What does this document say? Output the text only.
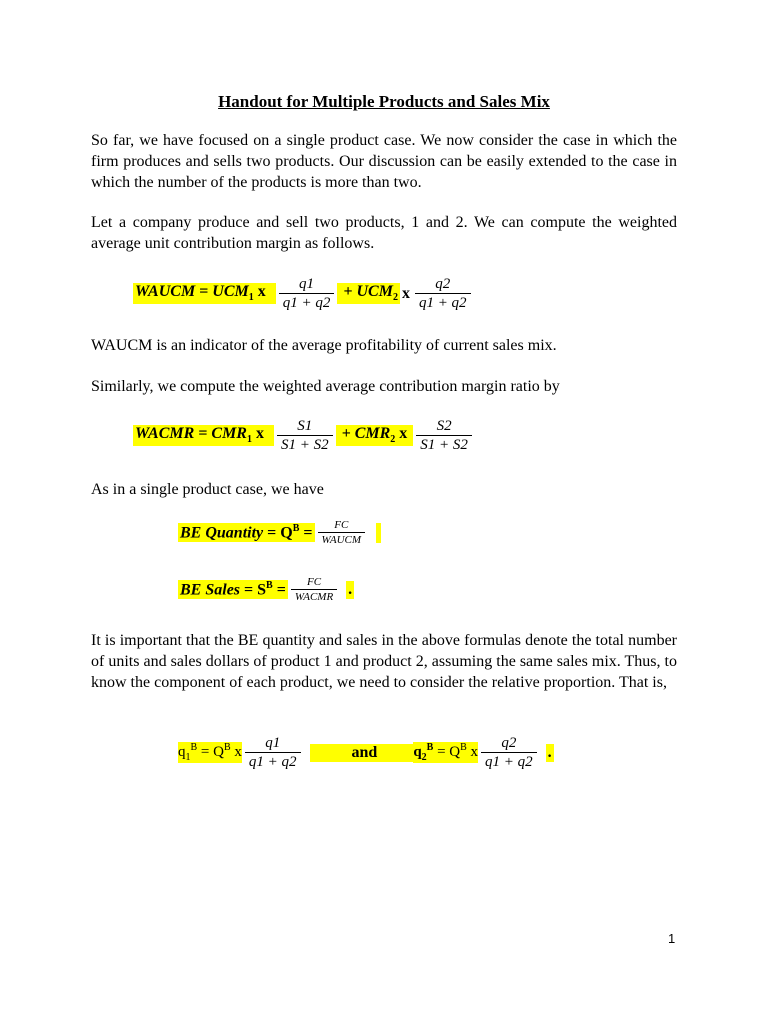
Handout for Multiple Products and Sales Mix
So far, we have focused on a single product case. We now consider the case in which the firm produces and sells two products. Our discussion can be easily extended to the case in which the number of the products is more than two.
Let a company produce and sell two products, 1 and 2. We can compute the weighted average unit contribution margin as follows.
WAUCM = $UCM_1$ x $\frac{q1}{q1 + q2} + UCM_2$ x $\frac{q2}{q1 + q2}$
WAUCM is an indicator of the average profitability of current sales mix.
Similarly, we compute the weighted average contribution margin ratio by
WACMR = $CMR_1$ x $\frac{S1}{S1 + S2} + CMR_2$ x $\frac{S2}{S1 + S2}$
As in a single product case, we have
BE Quantity = $Q^B = \frac{FC}{\text{WAUCM}}$
BE Sales = $S^B = \frac{FC}{\text{WACMR}}$ .
It is important that the BE quantity and sales in the above formulas denote the total number of units and sales dollars of product 1 and product 2, assuming the same sales mix. Thus, to know the component of each product, we need to consider the relative proportion. That is,
$q_1^B = Q^B$ x $\frac{q1}{q1 + q2}$	and	$q_2^B = Q^B$ x $\frac{q2}{q1 + q2}$ .
1
